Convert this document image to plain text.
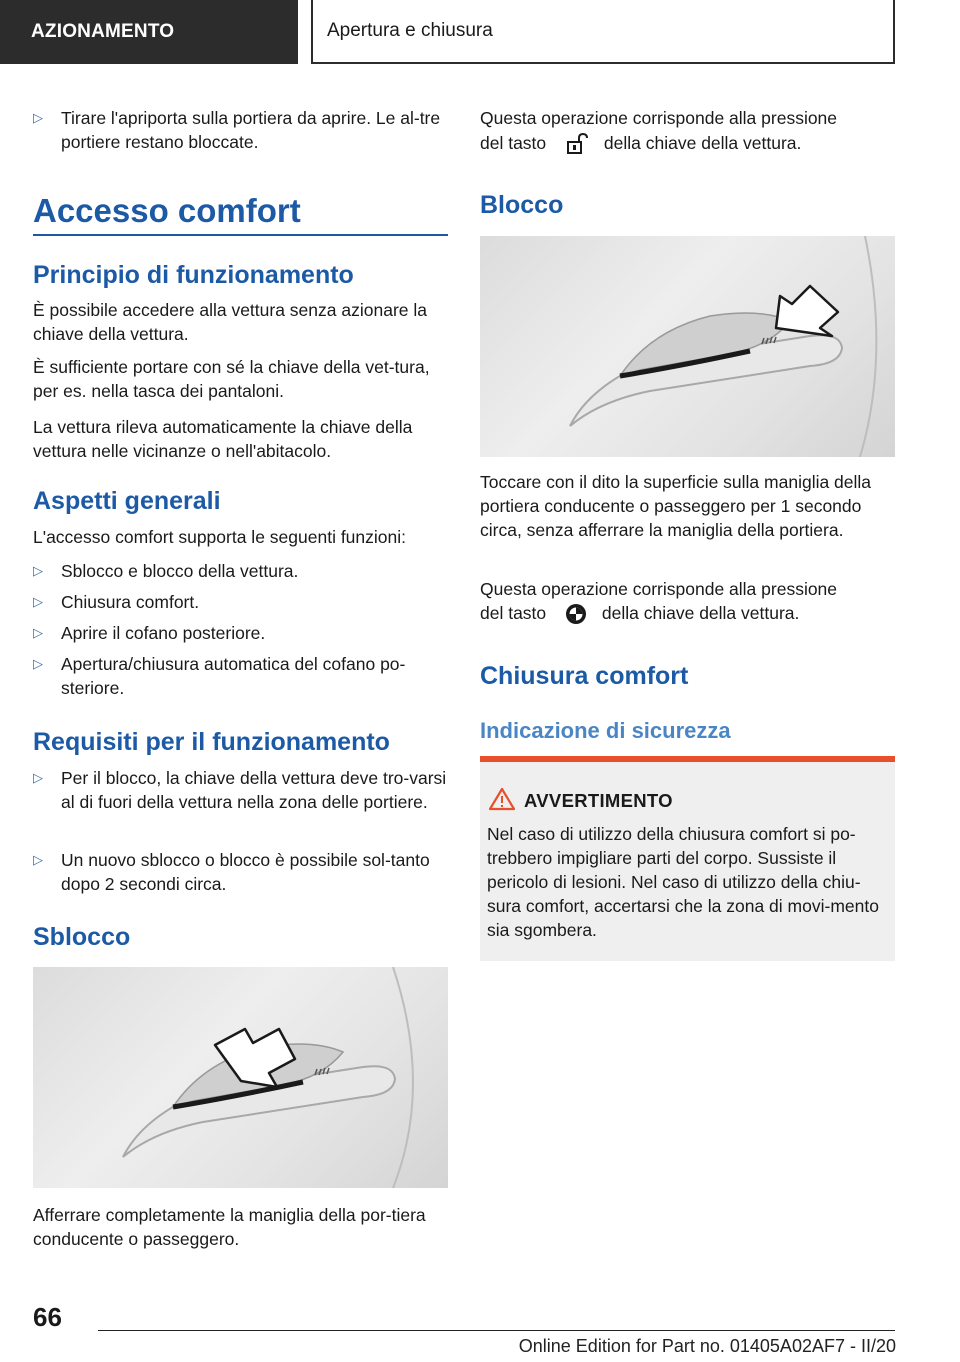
AZIONAMENTO	Apertura e chiusura
▷	Tirare l'apriporta sulla portiera da aprire. Le al-tre portiere restano bloccate.
Accesso comfort
Principio di funzionamento

È possibile accedere alla vettura senza azionare la chiave della vettura.

È sufficiente portare con sé la chiave della vet-tura, per es. nella tasca dei pantaloni.

La vettura rileva automaticamente la chiave della vettura nelle vicinanze o nell'abitacolo.

Aspetti generali

L'accesso comfort supporta le seguenti funzioni:

▷	Sblocco e blocco della vettura.
▷	Chiusura comfort.
▷	Aprire il cofano posteriore.
▷	Apertura/chiusura automatica del cofano po-steriore.
Requisiti per il funzionamento
▷	Per il blocco, la chiave della vettura deve tro-varsi al di fuori della vettura nella zona delle portiere.
▷	Un nuovo sblocco o blocco è possibile sol-tanto dopo 2 secondi circa.
Sblocco

Afferrare completamente la maniglia della por-tiera conducente o passeggero.

Questa operazione corrisponde alla pressione

del tasto	della chiave della vettura.

Blocco

Toccare con il dito la superficie sulla maniglia della portiera conducente o passeggero per 1 secondo circa, senza afferrare la maniglia della portiera.

Questa operazione corrisponde alla pressione

del tasto	della chiave della vettura.

Chiusura comfort
Indicazione di sicurezza
AVVERTIMENTO
Nel caso di utilizzo della chiusura comfort si po-trebbero impigliare parti del corpo. Sussiste il pericolo di lesioni. Nel caso di utilizzo della chiu-sura comfort, accertarsi che la zona di movi-mento sia sgombera.
66
Online Edition for Part no. 01405A02AF7 - II/20
